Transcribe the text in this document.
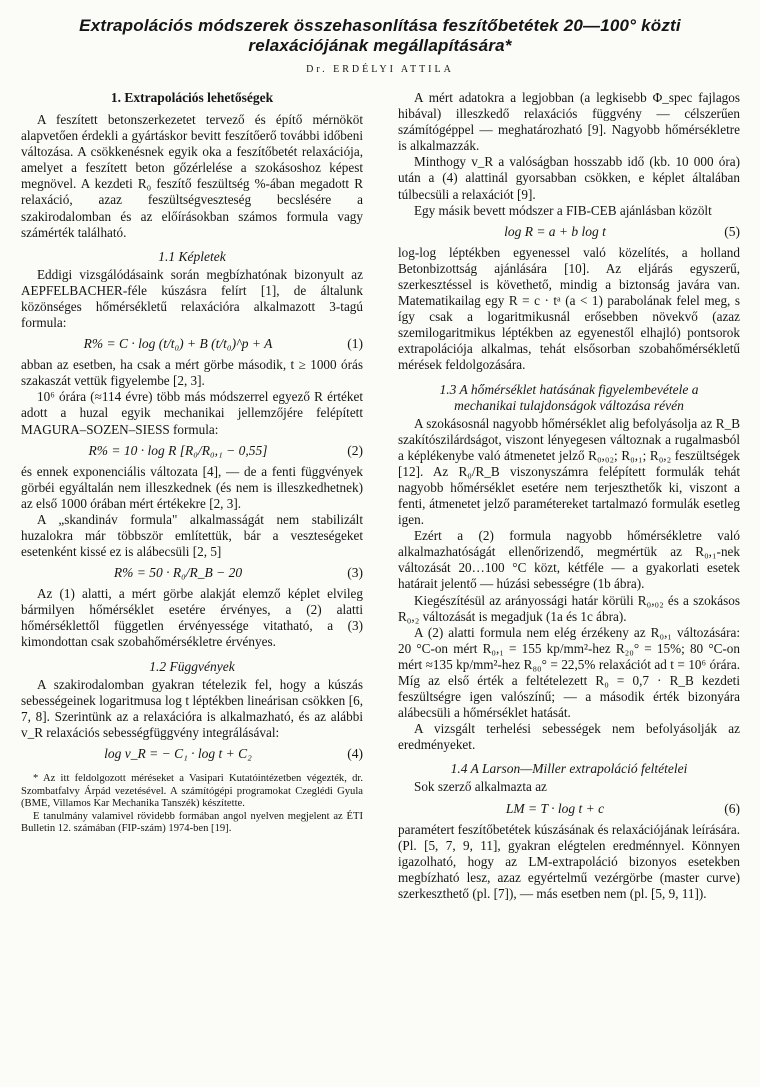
Extrapolációs módszerek összehasonlítása feszítőbetétek 20—100° közti
relaxációjának megállapítására*
Dr. ERDÉLYI ATTILA
1. Extrapolációs lehetőségek

A feszített betonszerkezetet tervező és építő mérnököt alapvetően érdekli a gyártáskor bevitt feszítőerő további időbeni változása. A csökkenésnek egyik oka a feszítőbetét relaxációja, amelyet a feszített beton gőzérlelése a szokásoshoz képest megnövel. A kezdeti R₀ feszítő feszültség %-ában megadott R relaxáció, azaz feszültségveszteség becslésére a szakirodalomban és az előírásokban számos formula vagy számérték található.

1.1 Képletek

Eddigi vizsgálódásaink során megbízhatónak bizonyult az AEPFELBACHER-féle kúszásra felírt [1], de általunk közönséges hőmérsékletű relaxációra alkalmazott 3-tagú formula:

R% = C · log (t/t₀) + B (t/t₀)^p + A	(1)

abban az esetben, ha csak a mért görbe második, t ≥ 1000 órás szakaszát vettük figyelembe [2, 3].

10⁶ órára (≈114 évre) több más módszerrel egyező R értéket adott a huzal egyik mechanikai jellemzőjére felépített MAGURA–SOZEN–SIESS formula:

R% = 10 · log R [R₀/R₀,₁ − 0,55]	(2)

és ennek exponenciális változata [4], — de a fenti függvények görbéi egyáltalán nem illeszkednek (és nem is illeszkedhetnek) az első 1000 órában mért értékekre [2, 3].

A „skandináv formula" alkalmasságát nem stabilizált huzalokra már többször említettük, bár a veszteségeket esetenként kissé ez is alábecsüli [2, 5]

R% = 50 · R₀/R_B − 20	(3)

Az (1) alatti, a mért görbe alakját elemző képlet elvileg bármilyen hőmérséklet esetére érvényes, a (2) alatti hőmérséklettől független érvényessége vitatható, a (3) kimondottan csak szobahőmérsékletre érvényes.

1.2 Függvények

A szakirodalomban gyakran tételezik fel, hogy a kúszás sebességeinek logaritmusa log t léptékben lineárisan csökken [6, 7, 8]. Szerintünk az a relaxációra is alkalmazható, és az alábbi v_R relaxációs sebességfüggvény integrálásával:

log v_R = − C₁ · log t + C₂	(4)
* Az itt feldolgozott méréseket a Vasipari Kutatóintézetben végezték, dr. Szombatfalvy Árpád vezetésével. A számítógépi programokat Czeglédi Gyula (BME, Villamos Kar Mechanika Tanszék) készítette.
E tanulmány valamivel rövidebb formában angol nyelven megjelent az ÉTI Bulletin 12. számában (FIP-szám) 1974-ben [19].

A mért adatokra a legjobban (a legkisebb Φ_spec fajlagos hibával) illeszkedő relaxációs függvény — célszerűen számítógéppel — meghatározható [9]. Nagyobb hőmérsékletre is alkalmazzák.

Minthogy v_R a valóságban hosszabb idő (kb. 10 000 óra) után a (4) alattinál gyorsabban csökken, e képlet általában túlbecsüli a relaxációt [9].

Egy másik bevett módszer a FIB-CEB ajánlásban közölt

log R = a + b log t	(5)

log-log léptékben egyenessel való közelítés, a holland Betonbizottság ajánlására [10]. Az eljárás egyszerű, szerkesztéssel is követhető, mindig a biztonság javára van. Matematikailag egy R = c · tᵃ (a < 1) parabolának felel meg, s így csak a logaritmikusnál erősebben növekvő (azaz szemilogaritmikus léptékben az egyenestől elhajló) pontsorok extrapolációja alkalmas, tehát elsősorban szobahőmérsékletű mérések feldolgozására.

1.3 A hőmérséklet hatásának figyelembevétele a
mechanikai tulajdonságok változása révén

A szokásosnál nagyobb hőmérséklet alig befolyásolja az R_B szakítószilárdságot, viszont lényegesen változnak a rugalmasból a képlékenybe való átmenetet jelző R₀,₀₂; R₀,₁; R₀,₂ feszültségek [12]. Az R₀/R_B viszonyszámra felépített formulák tehát nagyobb hőmérséklet esetére nem terjeszthetők ki, viszont a fenti, átmenetet jelző paramétereket tartalmazó formulák esetleg igen.

Ezért a (2) formula nagyobb hőmérsékletre való alkalmazhatóságát ellenőrizendő, megmértük az R₀,₁-nek változását 20…100 °C közt, kétféle — a gyakorlati esetek határait jelentő — húzási sebességre (1b ábra).

Kiegészítésül az arányossági határ körüli R₀,₀₂ és a szokásos R₀,₂ változását is megadjuk (1a és 1c ábra).

A (2) alatti formula nem elég érzékeny az R₀,₁ változására: 20 °C-on mért R₀,₁ = 155 kp/mm²-hez R₂₀° = 15%; 80 °C-on mért ≈135 kp/mm²-hez R₈₀° = 22,5% relaxációt ad t = 10⁶ órára. Míg az első érték a feltételezett R₀ = 0,7 · R_B kezdeti feszültségre igen valószínű; — a második érték bizonyára alábecsüli a hőmérséklet hatását.

A vizsgált terhelési sebességek nem befolyásolják az eredményeket.

1.4 A Larson—Miller extrapoláció feltételei

Sok szerző alkalmazta az

LM = T · log t + c	(6)

paramétert feszítőbetétek kúszásának és relaxációjának leírására. (Pl. [5, 7, 9, 11], gyakran elégtelen eredménnyel. Könnyen igazolható, hogy az LM-extrapoláció bizonyos esetekben megbízható lesz, azaz egyértelmű vezérgörbe (master curve) szerkeszthető (pl. [7]), — más esetben nem (pl. [5, 9, 11]).
